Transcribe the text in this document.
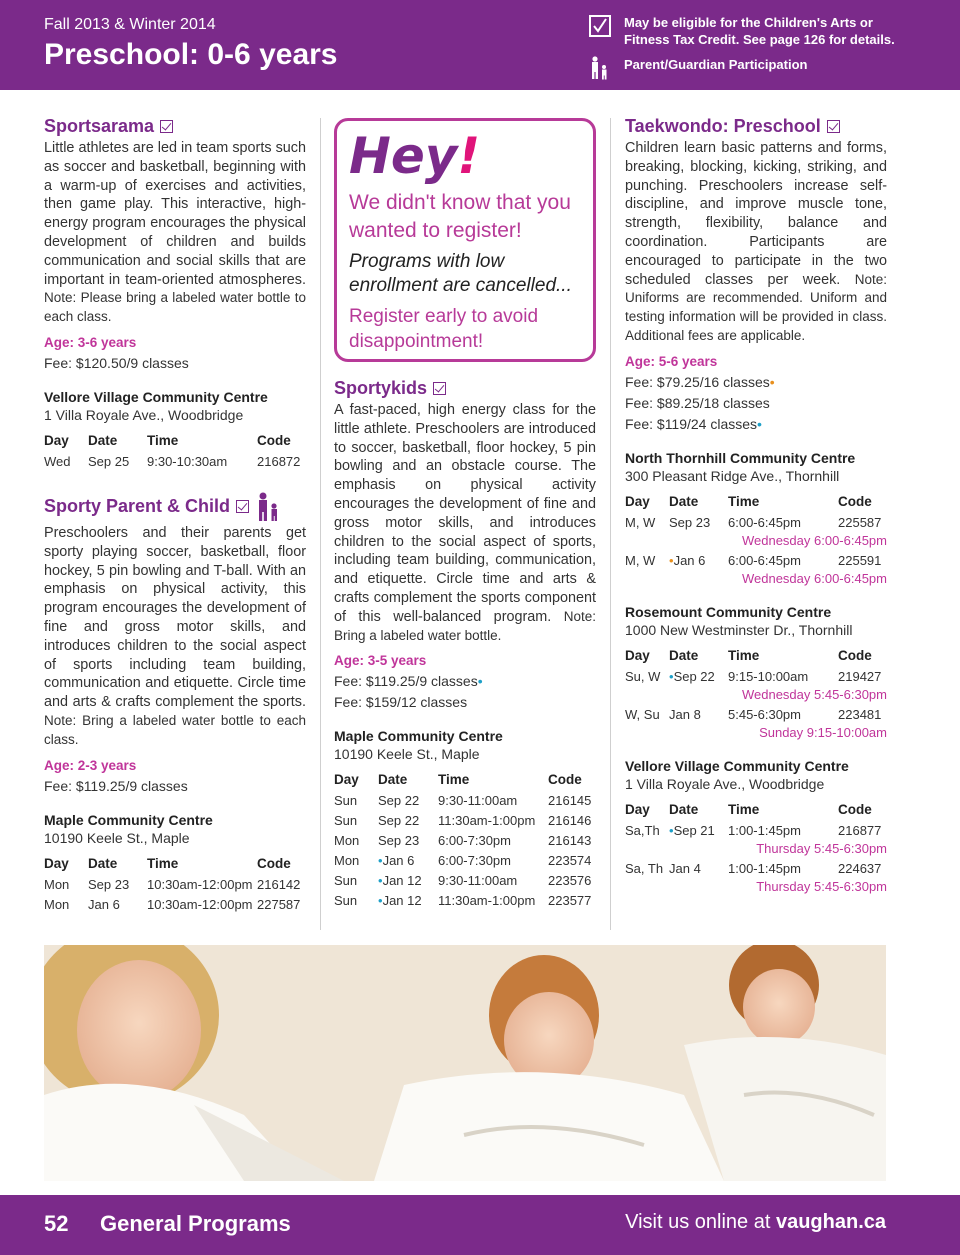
Fall 2013 & Winter 2014
Preschool: 0-6 years
May be eligible for the Children's Arts or Fitness Tax Credit. See page 126 for details.
Parent/Guardian Participation
Sportsarama
Little athletes are led in team sports such as soccer and basketball, beginning with a warm-up of exercises and activities, then game play. This interactive, high-energy program encourages the physical development of children and builds communication and social skills that are important in team-oriented atmospheres. Note: Please bring a labeled water bottle to each class.
Age: 3-6 years
Fee: $120.50/9 classes
Vellore Village Community Centre
1 Villa Royale Ave., Woodbridge
Day	Date	Time	Code
Wed	Sep 25	9:30-10:30am	216872
Sporty Parent & Child
Preschoolers and their parents get sporty playing soccer, basketball, floor hockey, 5 pin bowling and T-ball. With an emphasis on physical activity, this program encourages the development of fine and gross motor skills, and introduces children to the social aspect of sports including team building, communication and etiquette. Circle time and arts & crafts complement the sports. Note: Bring a labeled water bottle to each class.
Age: 2-3 years
Fee: $119.25/9 classes
Maple Community Centre
10190 Keele St., Maple
Day	Date	Time	Code
Mon	Sep 23	10:30am-12:00pm	216142
Mon	Jan 6	10:30am-12:00pm	227587
Hey!
We didn't know that you wanted to register!
Programs with low enrollment are cancelled...
Register early to avoid disappointment!
Sportykids
A fast-paced, high energy class for the little athlete. Preschoolers are introduced to soccer, basketball, floor hockey, 5 pin bowling and an obstacle course. The emphasis on physical activity encourages the development of fine and gross motor skills, and introduces children to the social aspect of sports, including team building, communication, and etiquette. Circle time and arts & crafts complement the sports component of this well-balanced program. Note: Bring a labeled water bottle.
Age: 3-5 years
Fee: $119.25/9 classes•
Fee: $159/12 classes
Maple Community Centre
10190 Keele St., Maple
Day	Date	Time	Code
Sun	Sep 22	9:30-11:00am	216145
Sun	Sep 22	11:30am-1:00pm	216146
Mon	Sep 23	6:00-7:30pm	216143
Mon	•Jan 6	6:00-7:30pm	223574
Sun	•Jan 12	9:30-11:00am	223576
Sun	•Jan 12	11:30am-1:00pm	223577
Taekwondo: Preschool
Children learn basic patterns and forms, breaking, blocking, kicking, striking, and punching. Preschoolers increase self-discipline, and improve muscle tone, strength, flexibility, balance and coordination. Participants are encouraged to participate in the two scheduled classes per week. Note: Uniforms are recommended. Uniform and testing information will be provided in class. Additional fees are applicable.
Age: 5-6 years
Fee: $79.25/16 classes•
Fee: $89.25/18 classes
Fee: $119/24 classes•
North Thornhill Community Centre
300 Pleasant Ridge Ave., Thornhill
Day	Date	Time	Code
M, W	Sep 23	6:00-6:45pm	225587
Wednesday 6:00-6:45pm			
M, W	•Jan 6	6:00-6:45pm	225591
Wednesday 6:00-6:45pm			
Rosemount Community Centre
1000 New Westminster Dr., Thornhill
Day	Date	Time	Code
Su, W	•Sep 22	9:15-10:00am	219427
Wednesday 5:45-6:30pm			
W, Su	Jan 8	5:45-6:30pm	223481
Sunday 9:15-10:00am			
Vellore Village Community Centre
1 Villa Royale Ave., Woodbridge
Day	Date	Time	Code
Sa,Th	•Sep 21	1:00-1:45pm	216877
Thursday 5:45-6:30pm			
Sa, Th	Jan 4	1:00-1:45pm	224637
Thursday 5:45-6:30pm			
52 General Programs	Visit us online at vaughan.ca
